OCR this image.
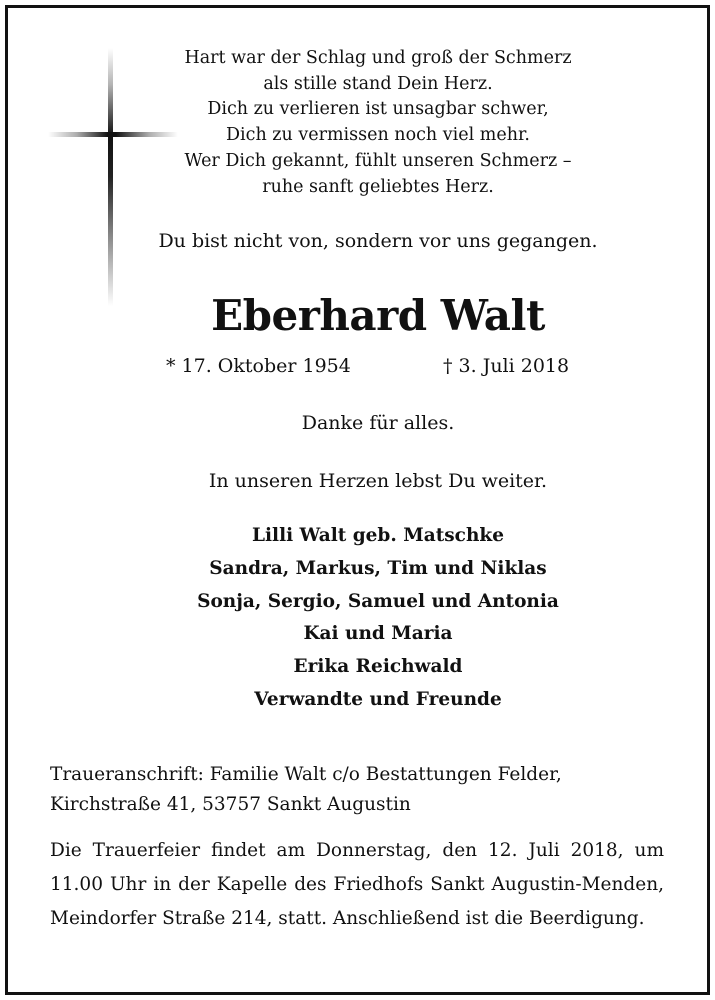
Hart war der Schlag und groß der Schmerz
als stille stand Dein Herz.
Dich zu verlieren ist unsagbar schwer,
Dich zu vermissen noch viel mehr.
Wer Dich gekannt, fühlt unseren Schmerz –
ruhe sanft geliebtes Herz.
Du bist nicht von, sondern vor uns gegangen.
Eberhard Walt
* 17. Oktober 1954	† 3. Juli 2018
Danke für alles.
In unseren Herzen lebst Du weiter.
Lilli Walt geb. Matschke
Sandra, Markus, Tim und Niklas
Sonja, Sergio, Samuel und Antonia
Kai und Maria
Erika Reichwald
Verwandte und Freunde
Traueranschrift: Familie Walt c/o Bestattungen Felder,
Kirchstraße 41, 53757 Sankt Augustin
Die Trauerfeier findet am Donnerstag, den 12. Juli 2018, um 11.00 Uhr in der Kapelle des Friedhofs Sankt Augustin-Menden, Meindorfer Straße 214, statt. Anschließend ist die Beerdigung.
